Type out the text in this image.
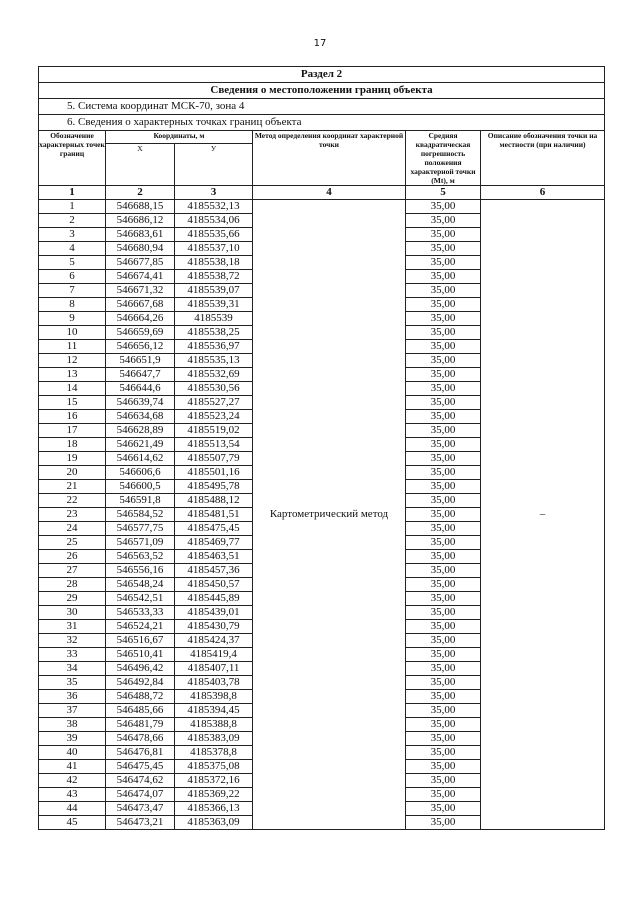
17
Раздел 2					
Сведения о местоположении границ объекта					
5. Система координат МСК-70, зона 4					
6. Сведения о характерных точках границ объекта					
Обозначение характерных точек границ	Координаты, м		Метод определения координат характерной точки	Средняя квадратическая погрешность положения характерной точки (Мt), м	Описание обозначения точки на местности (при наличии)
	X	У			
1	2	3	4	5	6
1	546688,15	4185532,13	Картометрический метод	35,00	–
2	546686,12	4185534,06		35,00	
3	546683,61	4185535,66		35,00	
4	546680,94	4185537,10		35,00	
5	546677,85	4185538,18		35,00	
6	546674,41	4185538,72		35,00	
7	546671,32	4185539,07		35,00	
8	546667,68	4185539,31		35,00	
9	546664,26	4185539		35,00	
10	546659,69	4185538,25		35,00	
11	546656,12	4185536,97		35,00	
12	546651,9	4185535,13		35,00	
13	546647,7	4185532,69		35,00	
14	546644,6	4185530,56		35,00	
15	546639,74	4185527,27		35,00	
16	546634,68	4185523,24		35,00	
17	546628,89	4185519,02		35,00	
18	546621,49	4185513,54		35,00	
19	546614,62	4185507,79		35,00	
20	546606,6	4185501,16		35,00	
21	546600,5	4185495,78		35,00	
22	546591,8	4185488,12		35,00	
23	546584,52	4185481,51		35,00	
24	546577,75	4185475,45		35,00	
25	546571,09	4185469,77		35,00	
26	546563,52	4185463,51		35,00	
27	546556,16	4185457,36		35,00	
28	546548,24	4185450,57		35,00	
29	546542,51	4185445,89		35,00	
30	546533,33	4185439,01		35,00	
31	546524,21	4185430,79		35,00	
32	546516,67	4185424,37		35,00	
33	546510,41	4185419,4		35,00	
34	546496,42	4185407,11		35,00	
35	546492,84	4185403,78		35,00	
36	546488,72	4185398,8		35,00	
37	546485,66	4185394,45		35,00	
38	546481,79	4185388,8		35,00	
39	546478,66	4185383,09		35,00	
40	546476,81	4185378,8		35,00	
41	546475,45	4185375,08		35,00	
42	546474,62	4185372,16		35,00	
43	546474,07	4185369,22		35,00	
44	546473,47	4185366,13		35,00	
45	546473,21	4185363,09		35,00	
